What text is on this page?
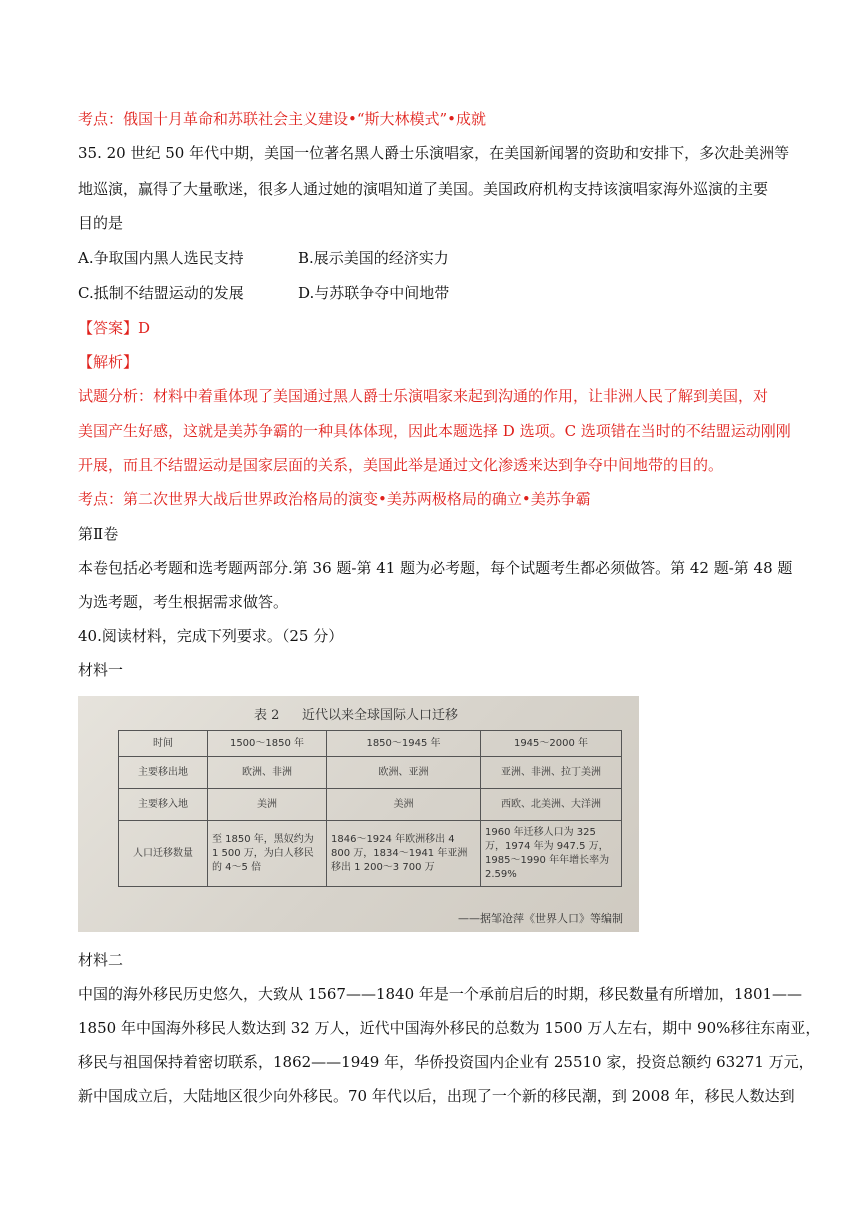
考点：俄国十月革命和苏联社会主义建设•“斯大林模式”•成就
35. 20 世纪 50 年代中期，美国一位著名黑人爵士乐演唱家，在美国新闻署的资助和安排下，多次赴美洲等
地巡演，赢得了大量歌迷，很多人通过她的演唱知道了美国。美国政府机构支持该演唱家海外巡演的主要
目的是
A.争取国内黑人选民支持	B.展示美国的经济实力
C.抵制不结盟运动的发展	D.与苏联争夺中间地带
【答案】D
【解析】
试题分析：材料中着重体现了美国通过黑人爵士乐演唱家来起到沟通的作用，让非洲人民了解到美国，对
美国产生好感，这就是美苏争霸的一种具体体现，因此本题选择 D 选项。C 选项错在当时的不结盟运动刚刚
开展，而且不结盟运动是国家层面的关系，美国此举是通过文化渗透来达到争夺中间地带的目的。
考点：第二次世界大战后世界政治格局的演变•美苏两极格局的确立•美苏争霸
第Ⅱ卷
本卷包括必考题和选考题两部分.第 36 题-第 41 题为必考题，每个试题考生都必须做答。第 42 题-第 48 题
为选考题，考生根据需求做答。
40.阅读材料，完成下列要求。（25 分）
材料一
表 2 近代以来全球国际人口迁移
时间	1500～1850 年	1850～1945 年	1945～2000 年
主要移出地	欧洲、非洲	欧洲、亚洲	亚洲、非洲、拉丁美洲
主要移入地	美洲	美洲	西欧、北美洲、大洋洲
人口迁移数量	至 1850 年，黑奴约为 1 500 万，为白人移民的 4～5 倍	1846～1924 年欧洲移出 4 800 万，1834～1941 年亚洲移出 1 200～3 700 万	1960 年迁移人口为 325 万，1974 年为 947.5 万，1985～1990 年年增长率为 2.59%
——据邹沧萍《世界人口》等编制
材料二
中国的海外移民历史悠久，大致从 1567——1840 年是一个承前启后的时期，移民数量有所增加，1801——
1850 年中国海外移民人数达到 32 万人，近代中国海外移民的总数为 1500 万人左右，期中 90%移往东南亚，
移民与祖国保持着密切联系，1862——1949 年，华侨投资国内企业有 25510 家，投资总额约 63271 万元，
新中国成立后，大陆地区很少向外移民。70 年代以后，出现了一个新的移民潮，到 2008 年，移民人数达到
